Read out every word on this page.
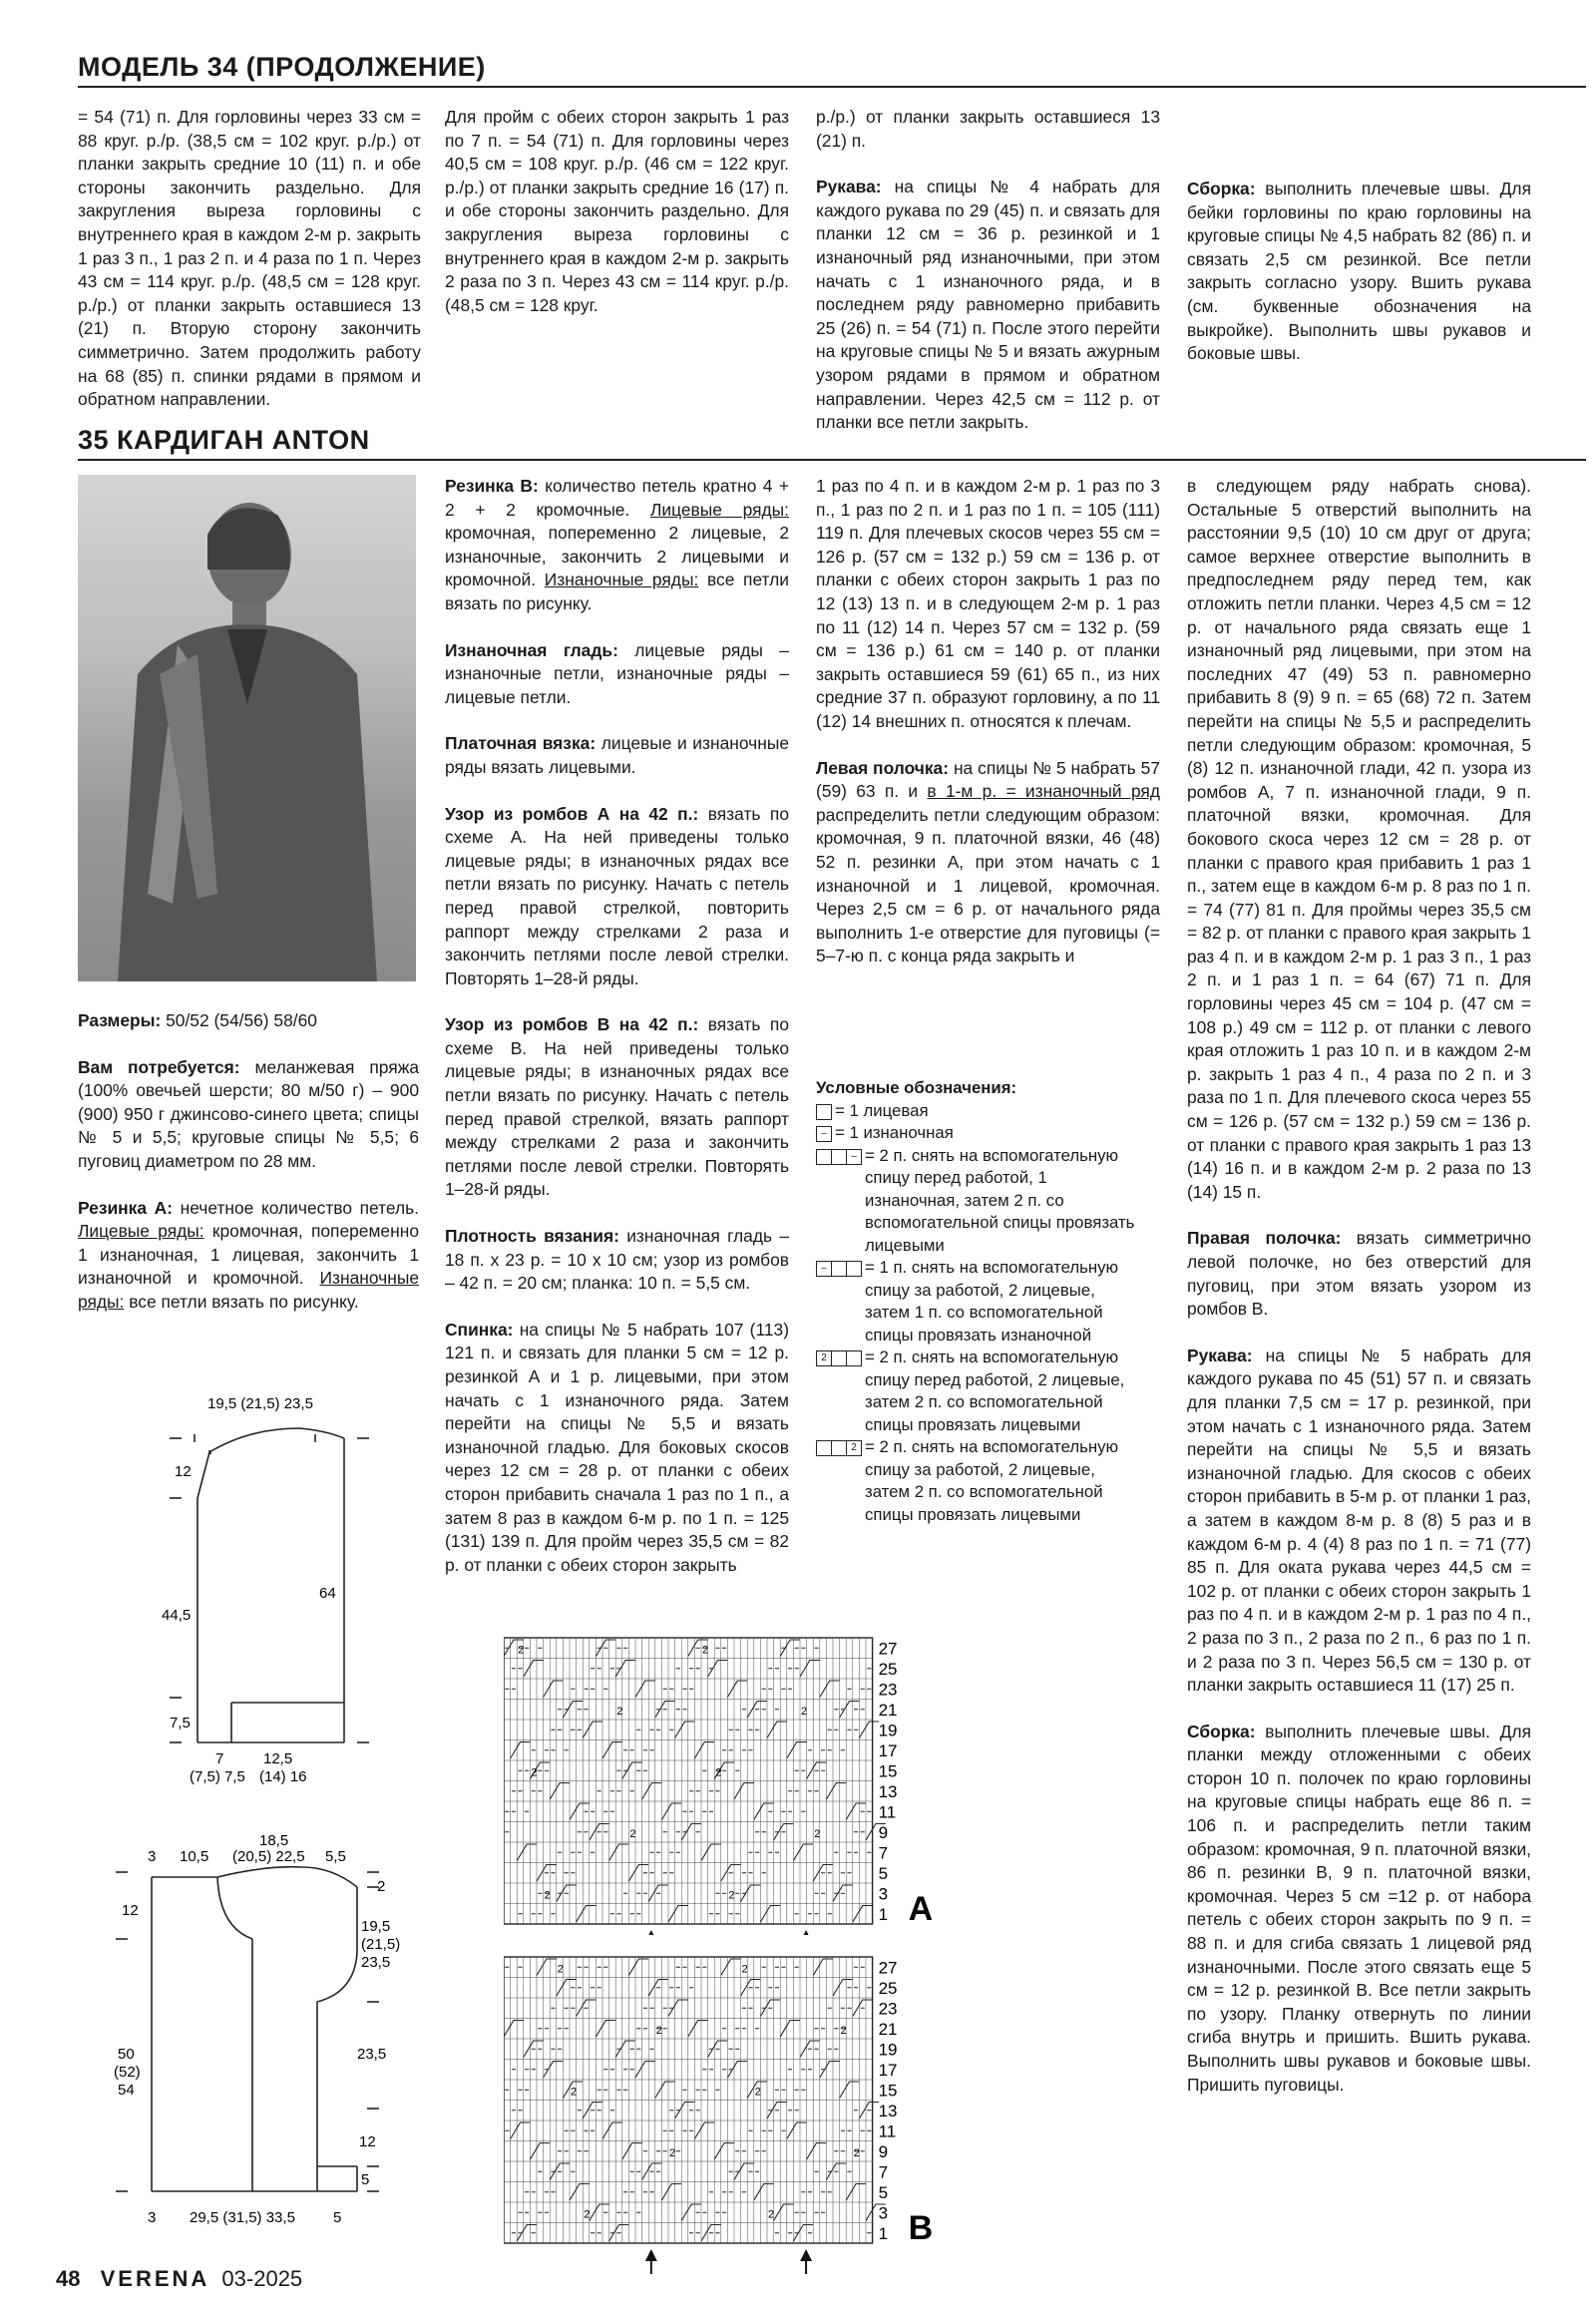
МОДЕЛЬ 34 (ПРОДОЛЖЕНИЕ)
= 54 (71) п. Для горловины через 33 см = 88 круг. р./р. (38,5 см = 102 круг. р./р.) от планки закрыть средние 10 (11) п. и обе стороны закончить раздельно. Для закругления выреза горловины с внутреннего края в каждом 2-м р. закрыть 1 раз 3 п., 1 раз 2 п. и 4 раза по 1 п. Через 43 см = 114 круг. р./р. (48,5 см = 128 круг. р./р.) от планки закрыть оставшиеся 13 (21) п. Вторую сторону закончить симметрично. Затем продолжить работу на 68 (85) п. спинки рядами в прямом и обратном направлении.
Для пройм с обеих сторон закрыть 1 раз по 7 п. = 54 (71) п. Для горловины через 40,5 см = 108 круг. р./р. (46 см = 122 круг. р./р.) от планки закрыть средние 16 (17) п. и обе стороны закончить раздельно. Для закругления выреза горловины с внутреннего края в каждом 2-м р. закрыть 2 раза по 3 п. Через 43 см = 114 круг. р./р. (48,5 см = 128 круг.

р./р.) от планки закрыть оставшиеся 13 (21) п.

Рукава: на спицы № 4 набрать для каждого рукава по 29 (45) п. и связать для планки 12 см = 36 р. резинкой и 1 изнаночный ряд изнаночными, при этом начать с 1 изнаночного ряда, и в последнем ряду равномерно прибавить 25 (26) п. = 54 (71) п. После этого перейти на круговые спицы № 5 и вязать ажурным узором рядами в прямом и обратном направлении. Через 42,5 см = 112 р. от планки все петли закрыть.

Сборка: выполнить плечевые швы. Для бейки горловины по краю горловины на круговые спицы № 4,5 набрать 82 (86) п. и связать 2,5 см резинкой. Все петли закрыть согласно узору. Вшить рукава (см. буквенные обозначения на выкройке). Выполнить швы рукавов и боковые швы.

35 КАРДИГАН ANTON

Размеры: 50/52 (54/56) 58/60

Вам потребуется: меланжевая пряжа (100% овечьей шерсти; 80 м/50 г) – 900 (900) 950 г джинсово-синего цвета; спицы № 5 и 5,5; круговые спицы № 5,5; 6 пуговиц диаметром по 28 мм.

Резинка А: нечетное количество петель. Лицевые ряды: кромочная, попеременно 1 изнаночная, 1 лицевая, закончить 1 изнаночной и кромочной. Изнаночные ряды: все петли вязать по рисунку.

19,5 (21,5) 23,5
12
44,5
64
7,5
7	12,5
(7,5) 7,5 (14) 16
3 10,5
18,5
(20,5) 22,5 5,5
2
19,5
(21,5)
23,5
23,5
12
5
12
50
(52)
54
3 29,5 (31,5) 33,5	5

Резинка В: количество петель кратно 4 + 2 + 2 кромочные. Лицевые ряды: кромочная, попеременно 2 лицевые, 2 изнаночные, закончить 2 лицевыми и кромочной. Изнаночные ряды: все петли вязать по рисунку.

Изнаночная гладь: лицевые ряды – изнаночные петли, изнаночные ряды – лицевые петли.

Платочная вязка: лицевые и изнаночные ряды вязать лицевыми.

Узор из ромбов А на 42 п.: вязать по схеме А. На ней приведены только лицевые ряды; в изнаночных рядах все петли вязать по рисунку. Начать с петель перед правой стрелкой, повторить раппорт между стрелками 2 раза и закончить петлями после левой стрелки. Повторять 1–28-й ряды.

Узор из ромбов В на 42 п.: вязать по схеме В. На ней приведены только лицевые ряды; в изнаночных рядах все петли вязать по рисунку. Начать с петель перед правой стрелкой, вязать раппорт между стрелками 2 раза и закончить петлями после левой стрелки. Повторять 1–28-й ряды.

Плотность вязания: изнаночная гладь – 18 п. x 23 р. = 10 x 10 см; узор из ромбов – 42 п. = 20 см; планка: 10 п. = 5,5 см.

Спинка: на спицы № 5 набрать 107 (113) 121 п. и связать для планки 5 см = 12 р. резинкой А и 1 р. лицевыми, при этом начать с 1 изнаночного ряда. Затем перейти на спицы № 5,5 и вязать изнаночной гладью. Для боковых скосов через 12 см = 28 р. от планки с обеих сторон прибавить сначала 1 раз по 1 п., а затем 8 раз в каждом 6-м р. по 1 п. = 125 (131) 139 п. Для пройм через 35,5 см = 82 р. от планки с обеих сторон закрыть

1 раз по 4 п. и в каждом 2-м р. 1 раз по 3 п., 1 раз по 2 п. и 1 раз по 1 п. = 105 (111) 119 п. Для плечевых скосов через 55 см = 126 р. (57 см = 132 р.) 59 см = 136 р. от планки с обеих сторон закрыть 1 раз по 12 (13) 13 п. и в следующем 2-м р. 1 раз по 11 (12) 14 п. Через 57 см = 132 р. (59 см = 136 р.) 61 см = 140 р. от планки закрыть оставшиеся 59 (61) 65 п., из них средние 37 п. образуют горловину, а по 11 (12) 14 внешних п. относятся к плечам.

Левая полочка: на спицы № 5 набрать 57 (59) 63 п. и в 1-м р. = изнаночный ряд распределить петли следующим образом: кромочная, 9 п. платочной вязки, 46 (48) 52 п. резинки А, при этом начать с 1 изнаночной и 1 лицевой, кромочная. Через 2,5 см = 6 р. от начального ряда выполнить 1-е отверстие для пуговицы (= 5–7-ю п. с конца ряда закрыть и

Условные обозначения:
= 1 лицевая
– = 1 изнаночная
– = 2 п. снять на вспомогательную спицу перед работой, 1 изнаночная, затем 2 п. со вспомогательной спицы провязать лицевыми
–	= 1 п. снять на вспомогательную спицу за работой, 2 лицевые, затем 1 п. со вспомогательной спицы провязать изнаночной
2	= 2 п. снять на вспомогательную спицу перед работой, 2 лицевые, затем 2 п. со вспомогательной спицы провязать лицевыми
2 = 2 п. снять на вспомогательную спицу за работой, 2 лицевые, затем 2 п. со вспомогательной спицы провязать лицевыми

в следующем ряду набрать снова). Остальные 5 отверстий выполнить на расстоянии 9,5 (10) 10 см друг от друга; самое верхнее отверстие выполнить в предпоследнем ряду перед тем, как отложить петли планки. Через 4,5 см = 12 р. от начального ряда связать еще 1 изнаночный ряд лицевыми, при этом на последних 47 (49) 53 п. равномерно прибавить 8 (9) 9 п. = 65 (68) 72 п. Затем перейти на спицы № 5,5 и распределить петли следующим образом: кромочная, 5 (8) 12 п. изнаночной глади, 42 п. узора из ромбов А, 7 п. изнаночной глади, 9 п. платочной вязки, кромочная. Для бокового скоса через 12 см = 28 р. от планки с правого края прибавить 1 раз 1 п., затем еще в каждом 6-м р. 8 раз по 1 п. = 74 (77) 81 п. Для проймы через 35,5 см = 82 р. от планки с правого края закрыть 1 раз 4 п. и в каждом 2-м р. 1 раз 3 п., 1 раз 2 п. и 1 раз 1 п. = 64 (67) 71 п. Для горловины через 45 см = 104 р. (47 см = 108 р.) 49 см = 112 р. от планки с левого края отложить 1 раз 10 п. и в каждом 2-м р. закрыть 1 раз 4 п., 4 раза по 2 п. и 3 раза по 1 п. Для плечевого скоса через 55 см = 126 р. (57 см = 132 р.) 59 см = 136 р. от планки с правого края закрыть 1 раз 13 (14) 16 п. и в каждом 2-м р. 2 раза по 13 (14) 15 п.

Правая полочка: вязать симметрично левой полочке, но без отверстий для пуговиц, при этом вязать узором из ромбов В.

Рукава: на спицы № 5 набрать для каждого рукава по 45 (51) 57 п. и связать для планки 7,5 см = 17 р. резинкой, при этом начать с 1 изнаночного ряда. Затем перейти на спицы № 5,5 и вязать изнаночной гладью. Для скосов с обеих сторон прибавить в 5-м р. от планки 1 раз, а затем в каждом 8-м р. 8 (8) 5 раз и в каждом 6-м р. 4 (4) 8 раз по 1 п. = 71 (77) 85 п. Для оката рукава через 44,5 см = 102 р. от планки с обеих сторон закрыть 1 раз по 4 п. и в каждом 2-м р. 1 раз по 4 п., 2 раза по 3 п., 2 раза по 2 п., 6 раз по 1 п. и 2 раза по 3 п. Через 56,5 см = 130 р. от планки закрыть оставшиеся 11 (17) 25 п.

Сборка: выполнить плечевые швы. Для планки между отложенными с обеих сторон 10 п. полочек по краю горловины на круговые спицы набрать еще 86 п. = 106 п. и распределить петли таким образом: кромочная, 9 п. платочной вязки, 86 п. резинки В, 9 п. платочной вязки, кромочная. Через 5 см =12 р. от набора петель с обеих сторон закрыть по 9 п. = 88 п. и для сгиба связать 1 лицевой ряд изнаночными. После этого связать еще 5 см = 12 р. резинкой В. Все петли закрыть по узору. Планку отвернуть по линии сгиба внутрь и пришить. Вшить рукава. Выполнить швы рукавов и боковые швы. Пришить пуговицы.

2	2
2	2
2
2
2
2
2	2
27
25
23
21
19
17
15
13
11
9
7
5
3
1 A
2	2
2	2
2
2
2
2
2	2
27
25
23
21
19
17
15
13
11
9
7
5
3
1 B
48 VERENA 03-2025
